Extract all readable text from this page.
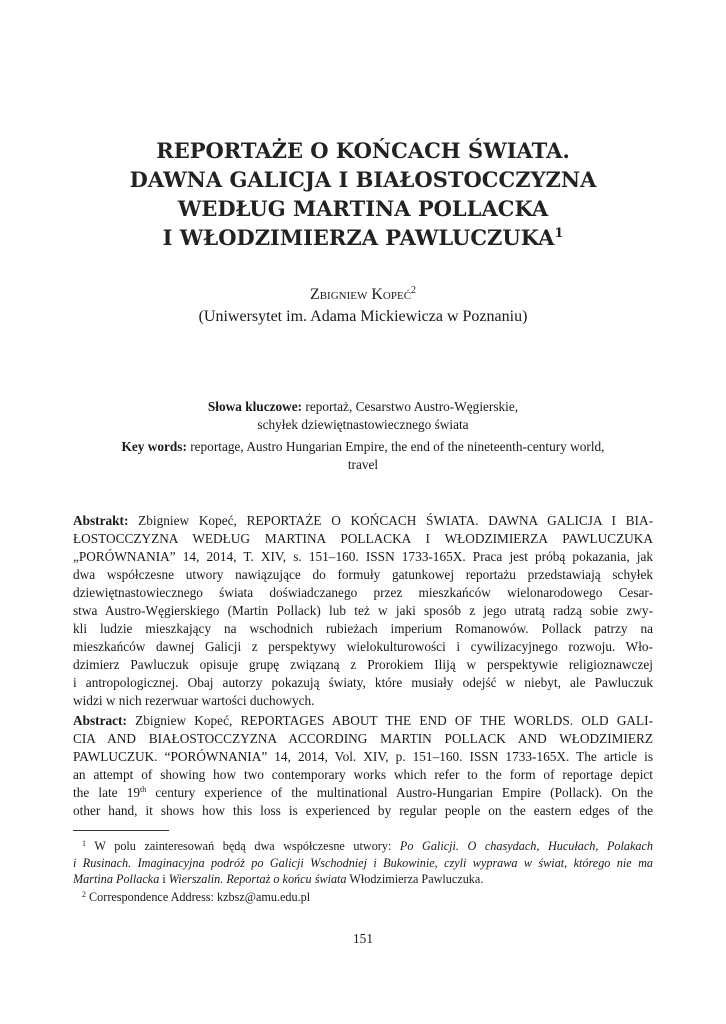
REPORTAŻE O KOŃCACH ŚWIATA.
DAWNA GALICJA I BIAŁOSTOCCZYZNA
WEDŁUG MARTINA POLLACKA
I WŁODZIMIERZA PAWLUCZUKA$^1$
Zbigniew Kopeć$^2$
(Uniwersytet im. Adama Mickiewicza w Poznaniu)
Słowa kluczowe: reportaż, Cesarstwo Austro-Węgierskie,
schyłek dziewiętnastowiecznego świata
Key words: reportage, Austro Hungarian Empire, the end of the nineteenth-century world,
travel
Abstrakt: Zbigniew Kopeć, REPORTAŻE O KOŃCACH ŚWIATA. DAWNA GALICJA I BIA-
ŁOSTOCCZYZNA WEDŁUG MARTINA POLLACKA I WŁODZIMIERZA PAWLUCZUKA
„PORÓWNANIA” 14, 2014, T. XIV, s. 151–160. ISSN 1733-165X. Praca jest próbą pokazania, jak
dwa współczesne utwory nawiązujące do formuły gatunkowej reportażu przedstawiają schyłek
dziewiętnastowiecznego świata doświadczanego przez mieszkańców wielonarodowego Cesar-
stwa Austro-Węgierskiego (Martin Pollack) lub też w jaki sposób z jego utratą radzą sobie zwy-
kli ludzie mieszkający na wschodnich rubieżach imperium Romanowów. Pollack patrzy na
mieszkańców dawnej Galicji z perspektywy wielokulturowości i cywilizacyjnego rozwoju. Wło-
dzimierz Pawluczuk opisuje grupę związaną z Prorokiem Iliją w perspektywie religioznawczej
i antropologicznej. Obaj autorzy pokazują światy, które musiały odejść w niebyt, ale Pawluczuk
widzi w nich rezerwuar wartości duchowych.
Abstract: Zbigniew Kopeć, REPORTAGES ABOUT THE END OF THE WORLDS. OLD GALI-
CIA AND BIAŁOSTOCCZYZNA ACCORDING MARTIN POLLACK AND WŁODZIMIERZ
PAWLUCZUK. “PORÓWNANIA” 14, 2014, Vol. XIV, p. 151–160. ISSN 1733-165X. The article is
an attempt of showing how two contemporary works which refer to the form of reportage depict
the late 19th century experience of the multinational Austro-Hungarian Empire (Pollack). On the
other hand, it shows how this loss is experienced by regular people on the eastern edges of the
$^1$ W polu zainteresowań będą dwa współczesne utwory: Po Galicji. O chasydach, Hucułach, Polakach
i Rusinach. Imaginacyjna podróż po Galicji Wschodniej i Bukowinie, czyli wyprawa w świat, którego nie ma
Martina Pollacka i Wierszalin. Reportaż o końcu świata Włodzimierza Pawluczuka.
$^2$ Correspondence Address: kzbsz@amu.edu.pl
151
